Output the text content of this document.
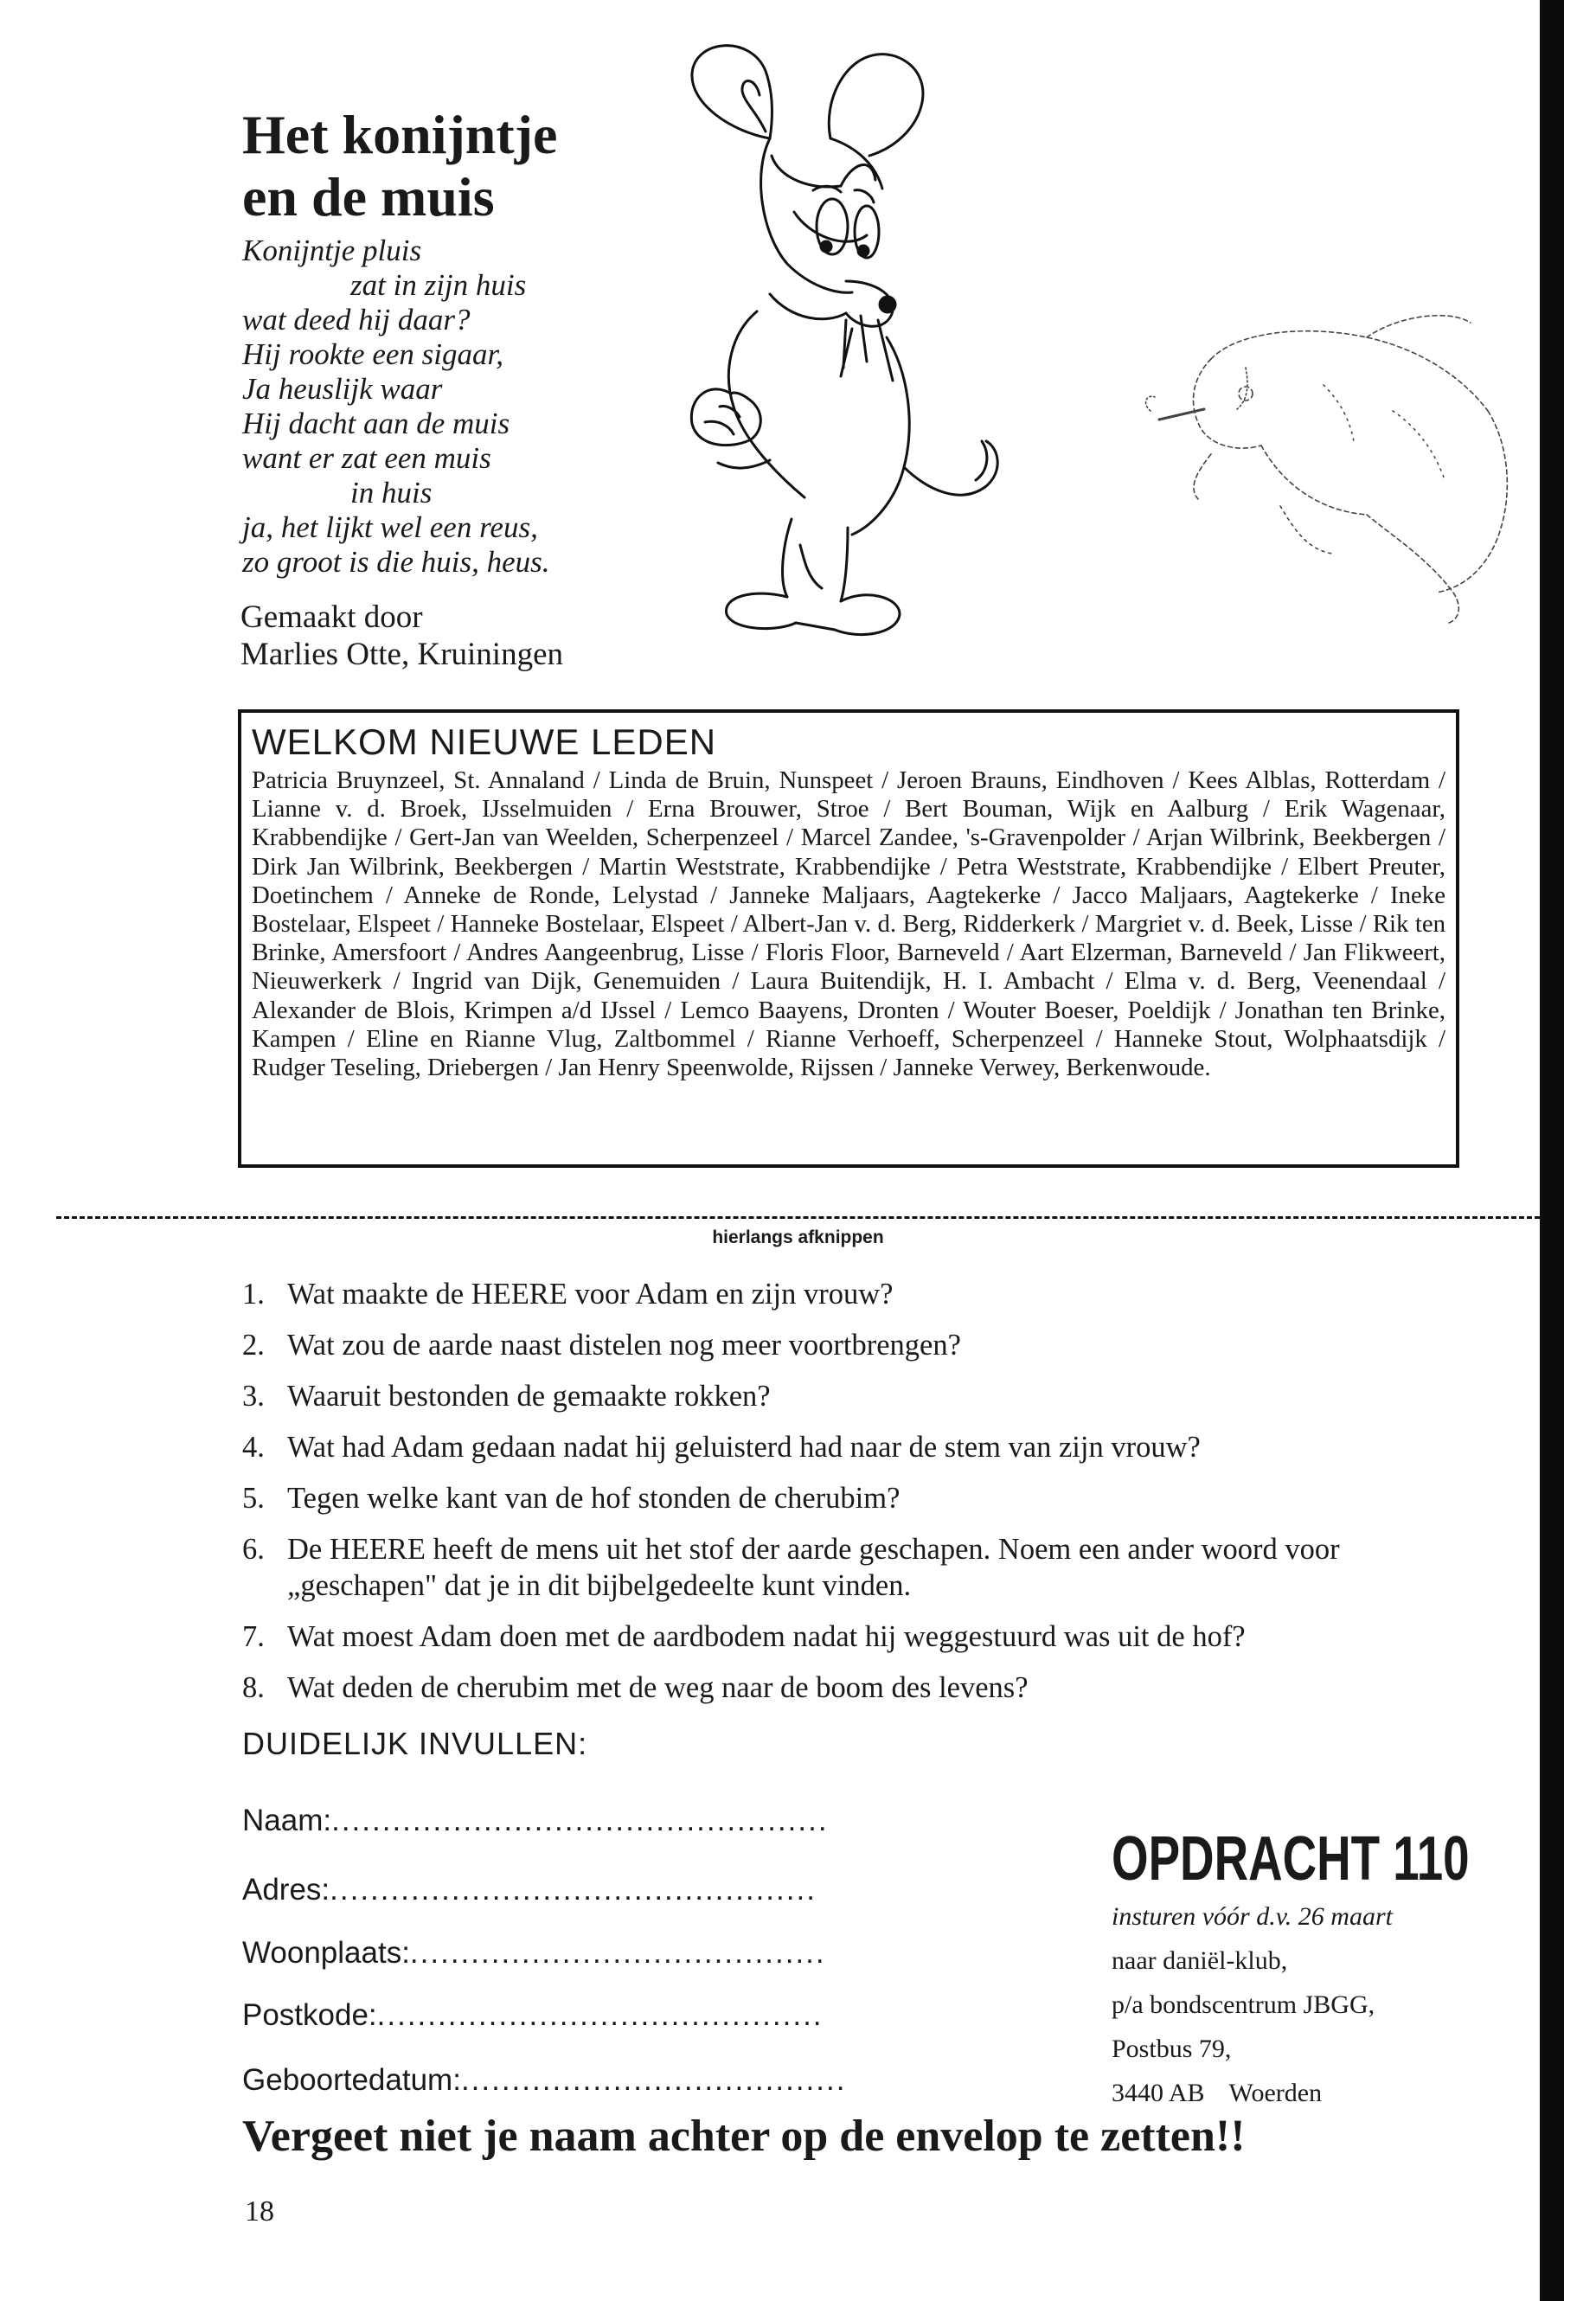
Het konijntje
en de muis
Konijntje pluis
zat in zijn huis
wat deed hij daar?
Hij rookte een sigaar,
Ja heuslijk waar
Hij dacht aan de muis
want er zat een muis
in huis
ja, het lijkt wel een reus,
zo groot is die huis, heus.
Gemaakt door
Marlies Otte, Kruiningen
WELKOM NIEUWE LEDEN
Patricia Bruynzeel, St. Annaland / Linda de Bruin, Nunspeet / Jeroen Brauns, Eindhoven / Kees Alblas, Rotterdam / Lianne v. d. Broek, IJsselmuiden / Erna Brouwer, Stroe / Bert Bouman, Wijk en Aalburg / Erik Wagenaar, Krabbendijke / Gert-Jan van Weelden, Scherpenzeel / Marcel Zandee, 's-Gravenpolder / Arjan Wilbrink, Beekbergen / Dirk Jan Wilbrink, Beekbergen / Martin Weststrate, Krabbendijke / Petra Weststrate, Krabbendijke / Elbert Preuter, Doetinchem / Anneke de Ronde, Lelystad / Janneke Maljaars, Aagtekerke / Jacco Maljaars, Aagtekerke / Ineke Bostelaar, Elspeet / Hanneke Bostelaar, Elspeet / Albert-Jan v. d. Berg, Ridderkerk / Margriet v. d. Beek, Lisse / Rik ten Brinke, Amersfoort / Andres Aangeenbrug, Lisse / Floris Floor, Barneveld / Aart Elzerman, Barneveld / Jan Flikweert, Nieuwerkerk / Ingrid van Dijk, Genemuiden / Laura Buitendijk, H. I. Ambacht / Elma v. d. Berg, Veenendaal / Alexander de Blois, Krimpen a/d IJssel / Lemco Baayens, Dronten / Wouter Boeser, Poeldijk / Jonathan ten Brinke, Kampen / Eline en Rianne Vlug, Zaltbommel / Rianne Verhoeff, Scherpenzeel / Hanneke Stout, Wolphaatsdijk / Rudger Teseling, Driebergen / Jan Henry Speenwolde, Rijssen / Janneke Verwey, Berkenwoude.
hierlangs afknippen
1. Wat maakte de HEERE voor Adam en zijn vrouw?
2. Wat zou de aarde naast distelen nog meer voortbrengen?
3. Waaruit bestonden de gemaakte rokken?
4. Wat had Adam gedaan nadat hij geluisterd had naar de stem van zijn vrouw?
5. Tegen welke kant van de hof stonden de cherubim?
6. De HEERE heeft de mens uit het stof der aarde geschapen. Noem een ander woord voor „geschapen" dat je in dit bijbelgedeelte kunt vinden.
7. Wat moest Adam doen met de aardbodem nadat hij weggestuurd was uit de hof?
8. Wat deden de cherubim met de weg naar de boom des levens?
DUIDELIJK INVULLEN:
Naam:.................................................
Adres:................................................
Woonplaats:.........................................
Postkode:............................................
Geboortedatum:......................................
OPDRACHT 110
insturen vóór d.v. 26 maart
naar daniël-klub,
p/a bondscentrum JBGG,
Postbus 79,
3440 AB Woerden
Vergeet niet je naam achter op de envelop te zetten!!
18
